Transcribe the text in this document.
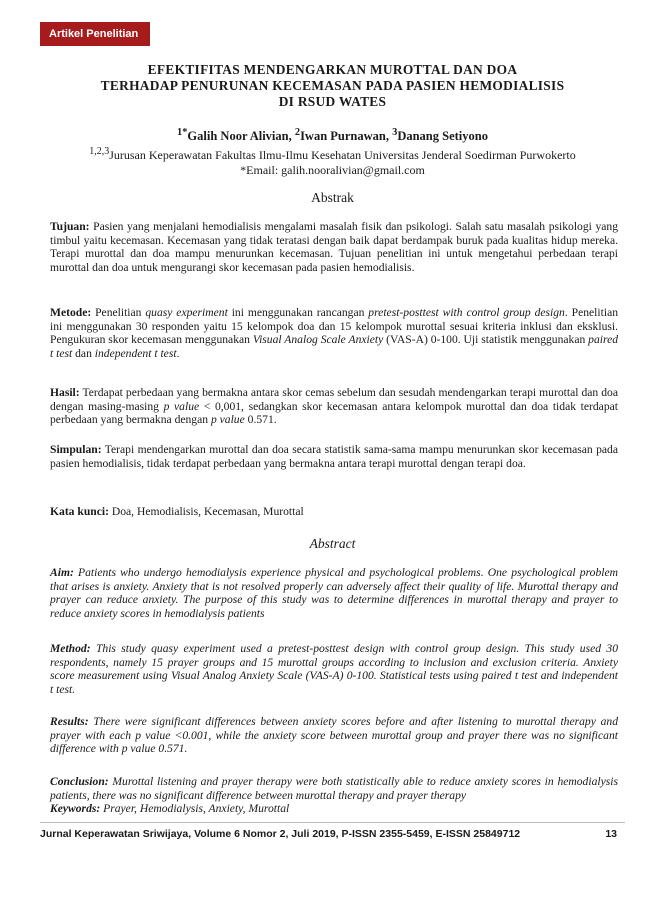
Artikel Penelitian
EFEKTIFITAS MENDENGARKAN MUROTTAL DAN DOA
TERHADAP PENURUNAN KECEMASAN PADA PASIEN HEMODIALISIS
DI RSUD WATES
$^{1*}$Galih Noor Alivian, $^2$Iwan Purnawan, $^3$Danang Setiyono
$^{1,2,3}$Jurusan Keperawatan Fakultas Ilmu-Ilmu Kesehatan Universitas Jenderal Soedirman Purwokerto
*Email: galih.nooralivian@gmail.com
Abstrak
Tujuan: Pasien yang menjalani hemodialisis mengalami masalah fisik dan psikologi. Salah satu masalah psikologi yang timbul yaitu kecemasan. Kecemasan yang tidak teratasi dengan baik dapat berdampak buruk pada kualitas hidup mereka. Terapi murottal dan doa mampu menurunkan kecemasan. Tujuan penelitian ini untuk mengetahui perbedaan terapi murottal dan doa untuk mengurangi skor kecemasan pada pasien hemodialisis.
Metode: Penelitian quasy experiment ini menggunakan rancangan pretest-posttest with control group design. Penelitian ini menggunakan 30 responden yaitu 15 kelompok doa dan 15 kelompok murottal sesuai kriteria inklusi dan eksklusi. Pengukuran skor kecemasan menggunakan Visual Analog Scale Anxiety (VAS-A) 0-100. Uji statistik menggunakan paired t test dan independent t test.
Hasil: Terdapat perbedaan yang bermakna antara skor cemas sebelum dan sesudah mendengarkan terapi murottal dan doa dengan masing-masing p value < 0,001, sedangkan skor kecemasan antara kelompok murottal dan doa tidak terdapat perbedaan yang bermakna dengan p value 0.571.
Simpulan: Terapi mendengarkan murottal dan doa secara statistik sama-sama mampu menurunkan skor kecemasan pada pasien hemodialisis, tidak terdapat perbedaan yang bermakna antara terapi murottal dengan terapi doa.
Kata kunci: Doa, Hemodialisis, Kecemasan, Murottal
Abstract
Aim: Patients who undergo hemodialysis experience physical and psychological problems. One psychological problem that arises is anxiety. Anxiety that is not resolved properly can adversely affect their quality of life. Murottal therapy and prayer can reduce anxiety. The purpose of this study was to determine differences in murottal therapy and prayer to reduce anxiety scores in hemodialysis patients
Method: This study quasy experiment used a pretest-posttest design with control group design. This study used 30 respondents, namely 15 prayer groups and 15 murottal groups according to inclusion and exclusion criteria. Anxiety score measurement using Visual Analog Anxiety Scale (VAS-A) 0-100. Statistical tests using paired t test and independent t test.
Results: There were significant differences between anxiety scores before and after listening to murottal therapy and prayer with each p value <0.001, while the anxiety score between murottal group and prayer there was no significant difference with p value 0.571.
Conclusion: Murottal listening and prayer therapy were both statistically able to reduce anxiety scores in hemodialysis patients, there was no significant difference between murottal therapy and prayer therapy
Keywords: Prayer, Hemodialysis, Anxiety, Murottal
Jurnal Keperawatan Sriwijaya, Volume 6 Nomor 2, Juli 2019, P-ISSN 2355-5459, E-ISSN 25849712	13
